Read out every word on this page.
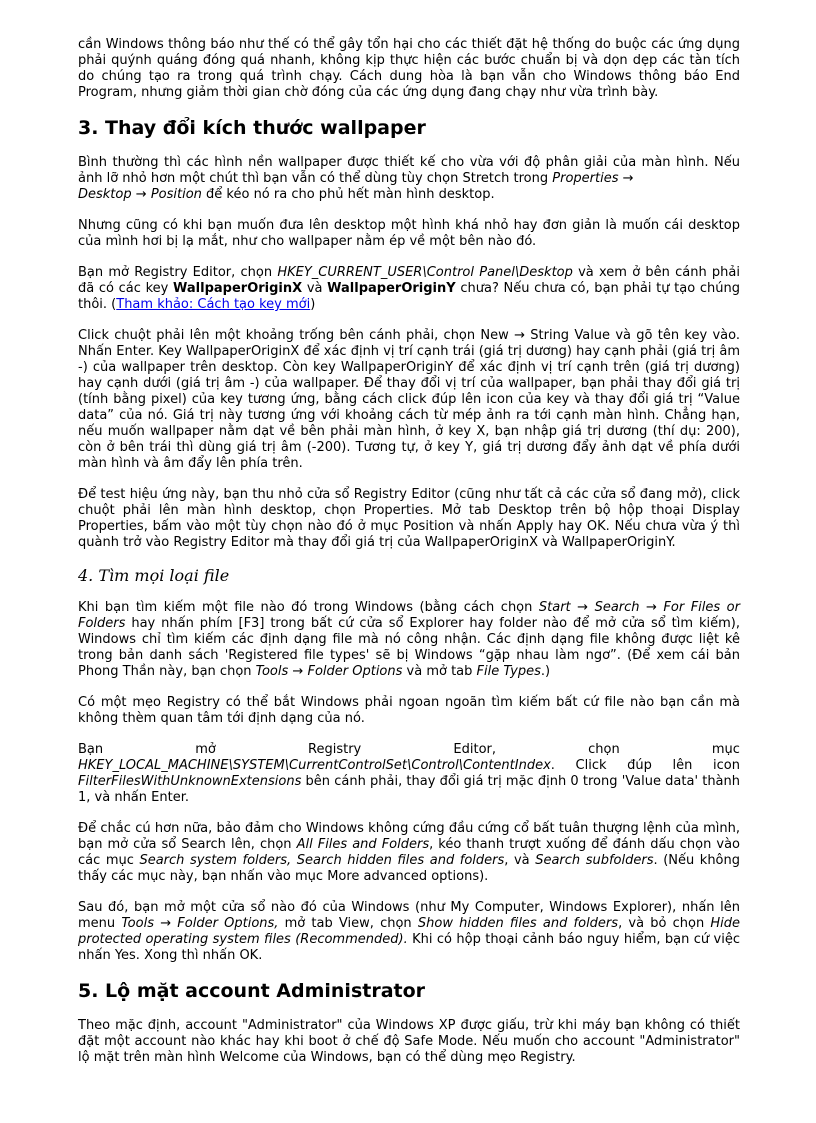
cần Windows thông báo như thế có thể gây tổn hại cho các thiết đặt hệ thống do buộc các ứng dụng phải quýnh quáng đóng quá nhanh, không kịp thực hiện các bước chuẩn bị và dọn dẹp các tàn tích do chúng tạo ra trong quá trình chạy. Cách dung hòa là bạn vẫn cho Windows thông báo End Program, nhưng giảm thời gian chờ đóng của các ứng dụng đang chạy như vừa trình bày.

3. Thay đổi kích thước wallpaper

Bình thường thì các hình nền wallpaper được thiết kế cho vừa với độ phân giải của màn hình. Nếu ảnh lỡ nhỏ hơn một chút thì bạn vẫn có thể dùng tùy chọn Stretch trong Properties →
Desktop → Position để kéo nó ra cho phủ hết màn hình desktop.

Nhưng cũng có khi bạn muốn đưa lên desktop một hình khá nhỏ hay đơn giản là muốn cái desktop của mình hơi bị lạ mắt, như cho wallpaper nằm ép về một bên nào đó.

Bạn mở Registry Editor, chọn HKEY_CURRENT_USER\Control Panel\Desktop và xem ở bên cánh phải đã có các key WallpaperOriginX và WallpaperOriginY chưa? Nếu chưa có, bạn phải tự tạo chúng thôi. (Tham khảo: Cách tạo key mới)

Click chuột phải lên một khoảng trống bên cánh phải, chọn New → String Value và gõ tên key vào. Nhấn Enter. Key WallpaperOriginX để xác định vị trí cạnh trái (giá trị dương) hay cạnh phải (giá trị âm -) của wallpaper trên desktop. Còn key WallpaperOriginY để xác định vị trí cạnh trên (giá trị dương) hay cạnh dưới (giá trị âm -) của wallpaper. Để thay đổi vị trí của wallpaper, bạn phải thay đổi giá trị (tính bằng pixel) của key tương ứng, bằng cách click đúp lên icon của key và thay đổi giá trị “Value data” của nó. Giá trị này tương ứng với khoảng cách từ mép ảnh ra tới cạnh màn hình. Chẳng hạn, nếu muốn wallpaper nằm dạt về bên phải màn hình, ở key X, bạn nhập giá trị dương (thí dụ: 200), còn ở bên trái thì dùng giá trị âm (-200). Tương tự, ở key Y, giá trị dương đẩy ảnh dạt về phía dưới màn hình và âm đẩy lên phía trên.

Để test hiệu ứng này, bạn thu nhỏ cửa sổ Registry Editor (cũng như tất cả các cửa sổ đang mở), click chuột phải lên màn hình desktop, chọn Properties. Mở tab Desktop trên bộ hộp thoại Display Properties, bấm vào một tùy chọn nào đó ở mục Position và nhấn Apply hay OK. Nếu chưa vừa ý thì quành trở vào Registry Editor mà thay đổi giá trị của WallpaperOriginX và WallpaperOriginY.

4. Tìm mọi loại file

Khi bạn tìm kiếm một file nào đó trong Windows (bằng cách chọn Start → Search → For Files or Folders hay nhấn phím [F3] trong bất cứ cửa sổ Explorer hay folder nào để mở cửa sổ tìm kiếm), Windows chỉ tìm kiếm các định dạng file mà nó công nhận. Các định dạng file không được liệt kê trong bản danh sách 'Registered file types' sẽ bị Windows “gặp nhau làm ngơ”. (Để xem cái bản Phong Thần này, bạn chọn Tools → Folder Options và mở tab File Types.)

Có một mẹo Registry có thể bắt Windows phải ngoan ngoãn tìm kiếm bất cứ file nào bạn cần mà không thèm quan tâm tới định dạng của nó.

Bạn	mở	Registry	Editor,	chọn	mục
HKEY_LOCAL_MACHINE\SYSTEM\CurrentControlSet\Control\ContentIndex. Click đúp lên icon FilterFilesWithUnknownExtensions bên cánh phải, thay đổi giá trị mặc định 0 trong 'Value data' thành 1, và nhấn Enter.

Để chắc cú hơn nữa, bảo đảm cho Windows không cứng đầu cứng cổ bất tuân thượng lệnh của mình, bạn mở cửa sổ Search lên, chọn All Files and Folders, kéo thanh trượt xuống để đánh dấu chọn vào các mục Search system folders, Search hidden files and folders, và Search subfolders. (Nếu không thấy các mục này, bạn nhấn vào mục More advanced options).

Sau đó, bạn mở một cửa sổ nào đó của Windows (như My Computer, Windows Explorer), nhấn lên menu Tools → Folder Options, mở tab View, chọn Show hidden files and folders, và bỏ chọn Hide protected operating system files (Recommended). Khi có hộp thoại cảnh báo nguy hiểm, bạn cứ việc nhấn Yes. Xong thì nhấn OK.

5. Lộ mặt account Administrator

Theo mặc định, account "Administrator" của Windows XP được giấu, trừ khi máy bạn không có thiết đặt một account nào khác hay khi boot ở chế độ Safe Mode. Nếu muốn cho account "Administrator" lộ mặt trên màn hình Welcome của Windows, bạn có thể dùng mẹo Registry.
